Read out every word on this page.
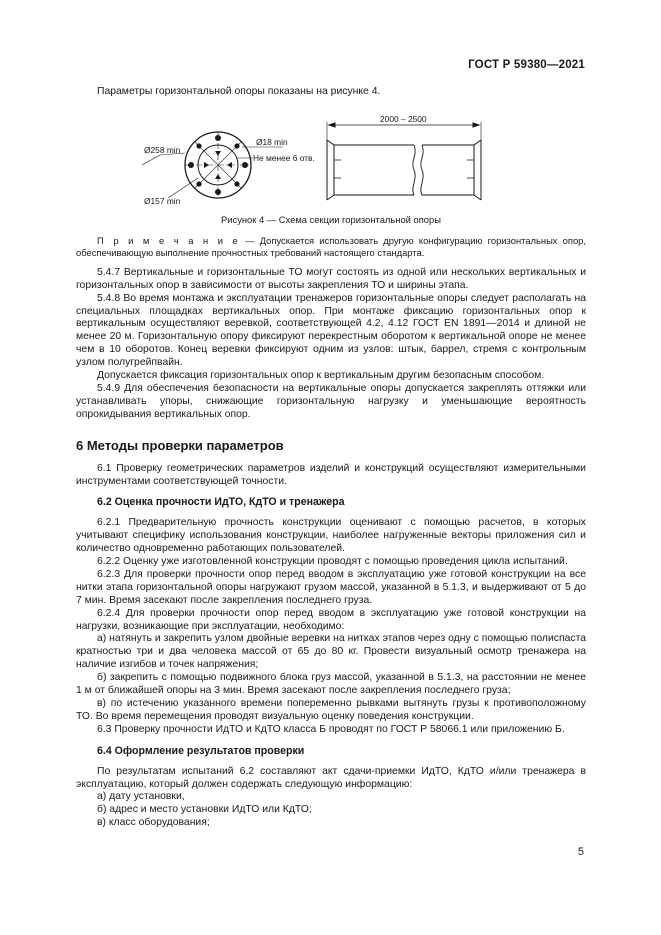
ГОСТ Р 59380—2021

Параметры горизонтальной опоры показаны на рисунке 4.

Ø258 min
Ø157 min
Ø18 min
Не менее 6 отв.
2000 – 2500
Рисунок 4 — Схема секции горизонтальной опоры

П р и м е ч а н и е — Допускается использовать другую конфигурацию горизонтальных опор, обеспечивающую выполнение прочностных требований настоящего стандарта.

5.4.7 Вертикальные и горизонтальные ТО могут состоять из одной или нескольких вертикальных и горизонтальных опор в зависимости от высоты закрепления ТО и ширины этапа.

5.4.8 Во время монтажа и эксплуатации тренажеров горизонтальные опоры следует располагать на специальных площадках вертикальных опор. При монтаже фиксацию горизонтальных опор к вертикальным осуществляют веревкой, соответствующей 4.2, 4.12 ГОСТ EN 1891—2014 и длиной не менее 20 м. Горизонтальную опору фиксируют перекрестным оборотом к вертикальной опоре не менее чем в 10 оборотов. Конец веревки фиксируют одним из узлов: штык, баррел, стремя с контрольным узлом полугрейпвайн.

Допускается фиксация горизонтальных опор к вертикальным другим безопасным способом.

5.4.9 Для обеспечения безопасности на вертикальные опоры допускается закреплять оттяжки или устанавливать упоры, снижающие горизонтальную нагрузку и уменьшающие вероятность опрокидывания вертикальных опор.

6 Методы проверки параметров

6.1 Проверку геометрических параметров изделий и конструкций осуществляют измерительными инструментами соответствующей точности.

6.2 Оценка прочности ИдТО, КдТО и тренажера

6.2.1 Предварительную прочность конструкции оценивают с помощью расчетов, в которых учитывают специфику использования конструкции, наиболее нагруженные векторы приложения сил и количество одновременно работающих пользователей.

6.2.2 Оценку уже изготовленной конструкции проводят с помощью проведения цикла испытаний.

6.2.3 Для проверки прочности опор перед вводом в эксплуатацию уже готовой конструкции на все нитки этапа горизонтальной опоры нагружают грузом массой, указанной в 5.1.3, и выдерживают от 5 до 7 мин. Время засекают после закрепления последнего груза.

6.2.4 Для проверки прочности опор перед вводом в эксплуатацию уже готовой конструкции на нагрузки, возникающие при эксплуатации, необходимо:

а) натянуть и закрепить узлом двойные веревки на нитках этапов через одну с помощью полиспаста кратностью три и два человека массой от 65 до 80 кг. Провести визуальный осмотр тренажера на наличие изгибов и точек напряжения;

б) закрепить с помощью подвижного блока груз массой, указанной в 5.1.3, на расстоянии не менее 1 м от ближайшей опоры на 3 мин. Время засекают после закрепления последнего груза;

в) по истечению указанного времени попеременно рывками вытянуть грузы к противоположному ТО. Во время перемещения проводят визуальную оценку поведения конструкции.

6.3 Проверку прочности ИдТО и КдТО класса Б проводят по ГОСТ Р 58066.1 или приложению Б.

6.4 Оформление результатов проверки

По результатам испытаний 6.2 составляют акт сдачи-приемки ИдТО, КдТО и/или тренажера в эксплуатацию, который должен содержать следующую информацию:

а) дату установки,

б) адрес и место установки ИдТО или КдТО;

в) класс оборудования;

5
